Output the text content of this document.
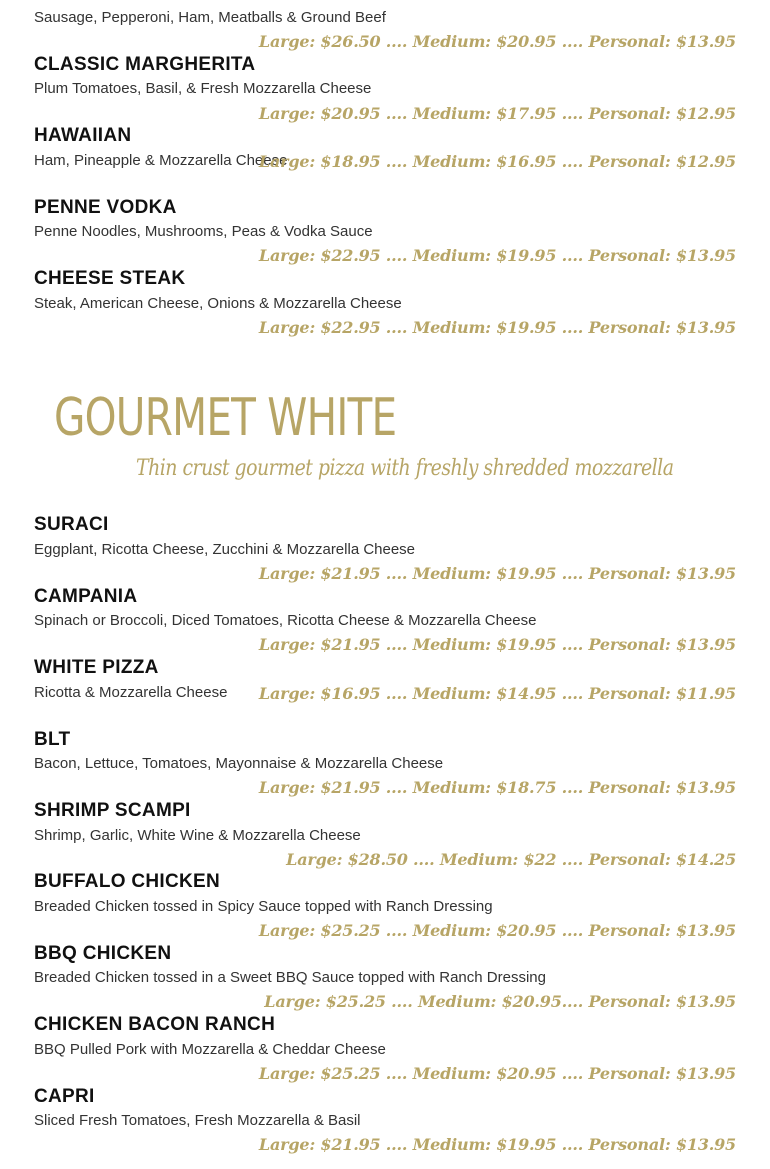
Sausage, Pepperoni, Ham, Meatballs & Ground Beef
Large: $26.50 .... Medium: $20.95 .... Personal: $13.95
CLASSIC MARGHERITA
Plum Tomatoes, Basil, & Fresh Mozzarella Cheese
Large: $20.95 .... Medium: $17.95 .... Personal: $12.95
HAWAIIAN
Ham, Pineapple & Mozzarella Cheese
Large: $18.95 .... Medium: $16.95 .... Personal: $12.95
PENNE VODKA
Penne Noodles, Mushrooms, Peas & Vodka Sauce
Large: $22.95 .... Medium: $19.95 .... Personal: $13.95
CHEESE STEAK
Steak, American Cheese, Onions & Mozzarella Cheese
Large: $22.95 .... Medium: $19.95 .... Personal: $13.95
GOURMET WHITE
Thin crust gourmet pizza with freshly shredded mozzarella
SURACI
Eggplant, Ricotta Cheese, Zucchini & Mozzarella Cheese
Large: $21.95 .... Medium: $19.95 .... Personal: $13.95
CAMPANIA
Spinach or Broccoli, Diced Tomatoes, Ricotta Cheese & Mozzarella Cheese
Large: $21.95 .... Medium: $19.95 .... Personal: $13.95
WHITE PIZZA
Ricotta & Mozzarella Cheese Large: $16.95 .... Medium: $14.95 .... Personal: $11.95
BLT
Bacon, Lettuce, Tomatoes, Mayonnaise & Mozzarella Cheese
Large: $21.95 .... Medium: $18.75 .... Personal: $13.95
SHRIMP SCAMPI
Shrimp, Garlic, White Wine & Mozzarella Cheese
Large: $28.50 .... Medium: $22 .... Personal: $14.25
BUFFALO CHICKEN
Breaded Chicken tossed in Spicy Sauce topped with Ranch Dressing
Large: $25.25 .... Medium: $20.95 .... Personal: $13.95
BBQ CHICKEN
Breaded Chicken tossed in a Sweet BBQ Sauce topped with Ranch Dressing
Large: $25.25 .... Medium: $20.95.... Personal: $13.95
CHICKEN BACON RANCH
BBQ Pulled Pork with Mozzarella & Cheddar Cheese
Large: $25.25 .... Medium: $20.95 .... Personal: $13.95
CAPRI
Sliced Fresh Tomatoes, Fresh Mozzarella & Basil
Large: $21.95 .... Medium: $19.95 .... Personal: $13.95
